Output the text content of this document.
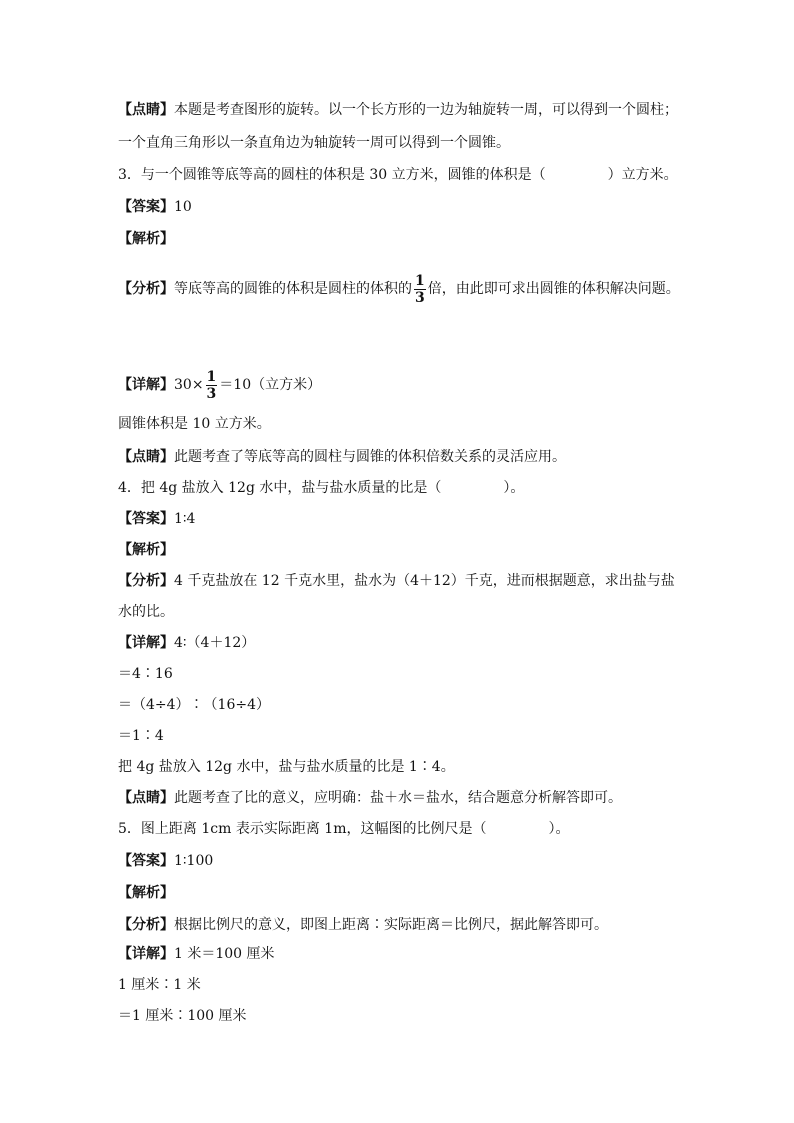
【点睛】本题是考查图形的旋转。以一个长方形的一边为轴旋转一周，可以得到一个圆柱；
一个直角三角形以一条直角边为轴旋转一周可以得到一个圆锥。
3．与一个圆锥等底等高的圆柱的体积是 30 立方米，圆锥的体积是（	）立方米。
【答案】10
【解析】
【分析】等底等高的圆锥的体积是圆柱的体积的 $\frac{1}{3}$ 倍，由此即可求出圆锥的体积解决问题。
【详解】$30\times \frac{1}{3} =10$（立方米）
圆锥体积是 10 立方米。
【点睛】此题考查了等底等高的圆柱与圆锥的体积倍数关系的灵活应用。
4．把 4g 盐放入 12g 水中，盐与盐水质量的比是（	）。
【答案】1∶4
【解析】
【分析】4 千克盐放在 12 千克水里，盐水为（4＋12）千克，进而根据题意，求出盐与盐
水的比。
【详解】4∶（4＋12）
＝4∶16
＝（4÷4）∶（16÷4）
＝1∶4
把 4g 盐放入 12g 水中，盐与盐水质量的比是 1∶4。
【点睛】此题考查了比的意义，应明确：盐＋水＝盐水，结合题意分析解答即可。
5．图上距离 1cm 表示实际距离 1m，这幅图的比例尺是（	）。
【答案】1∶100
【解析】
【分析】根据比例尺的意义，即图上距离∶实际距离＝比例尺，据此解答即可。
【详解】1 米＝100 厘米
1 厘米∶1 米
＝1 厘米∶100 厘米
